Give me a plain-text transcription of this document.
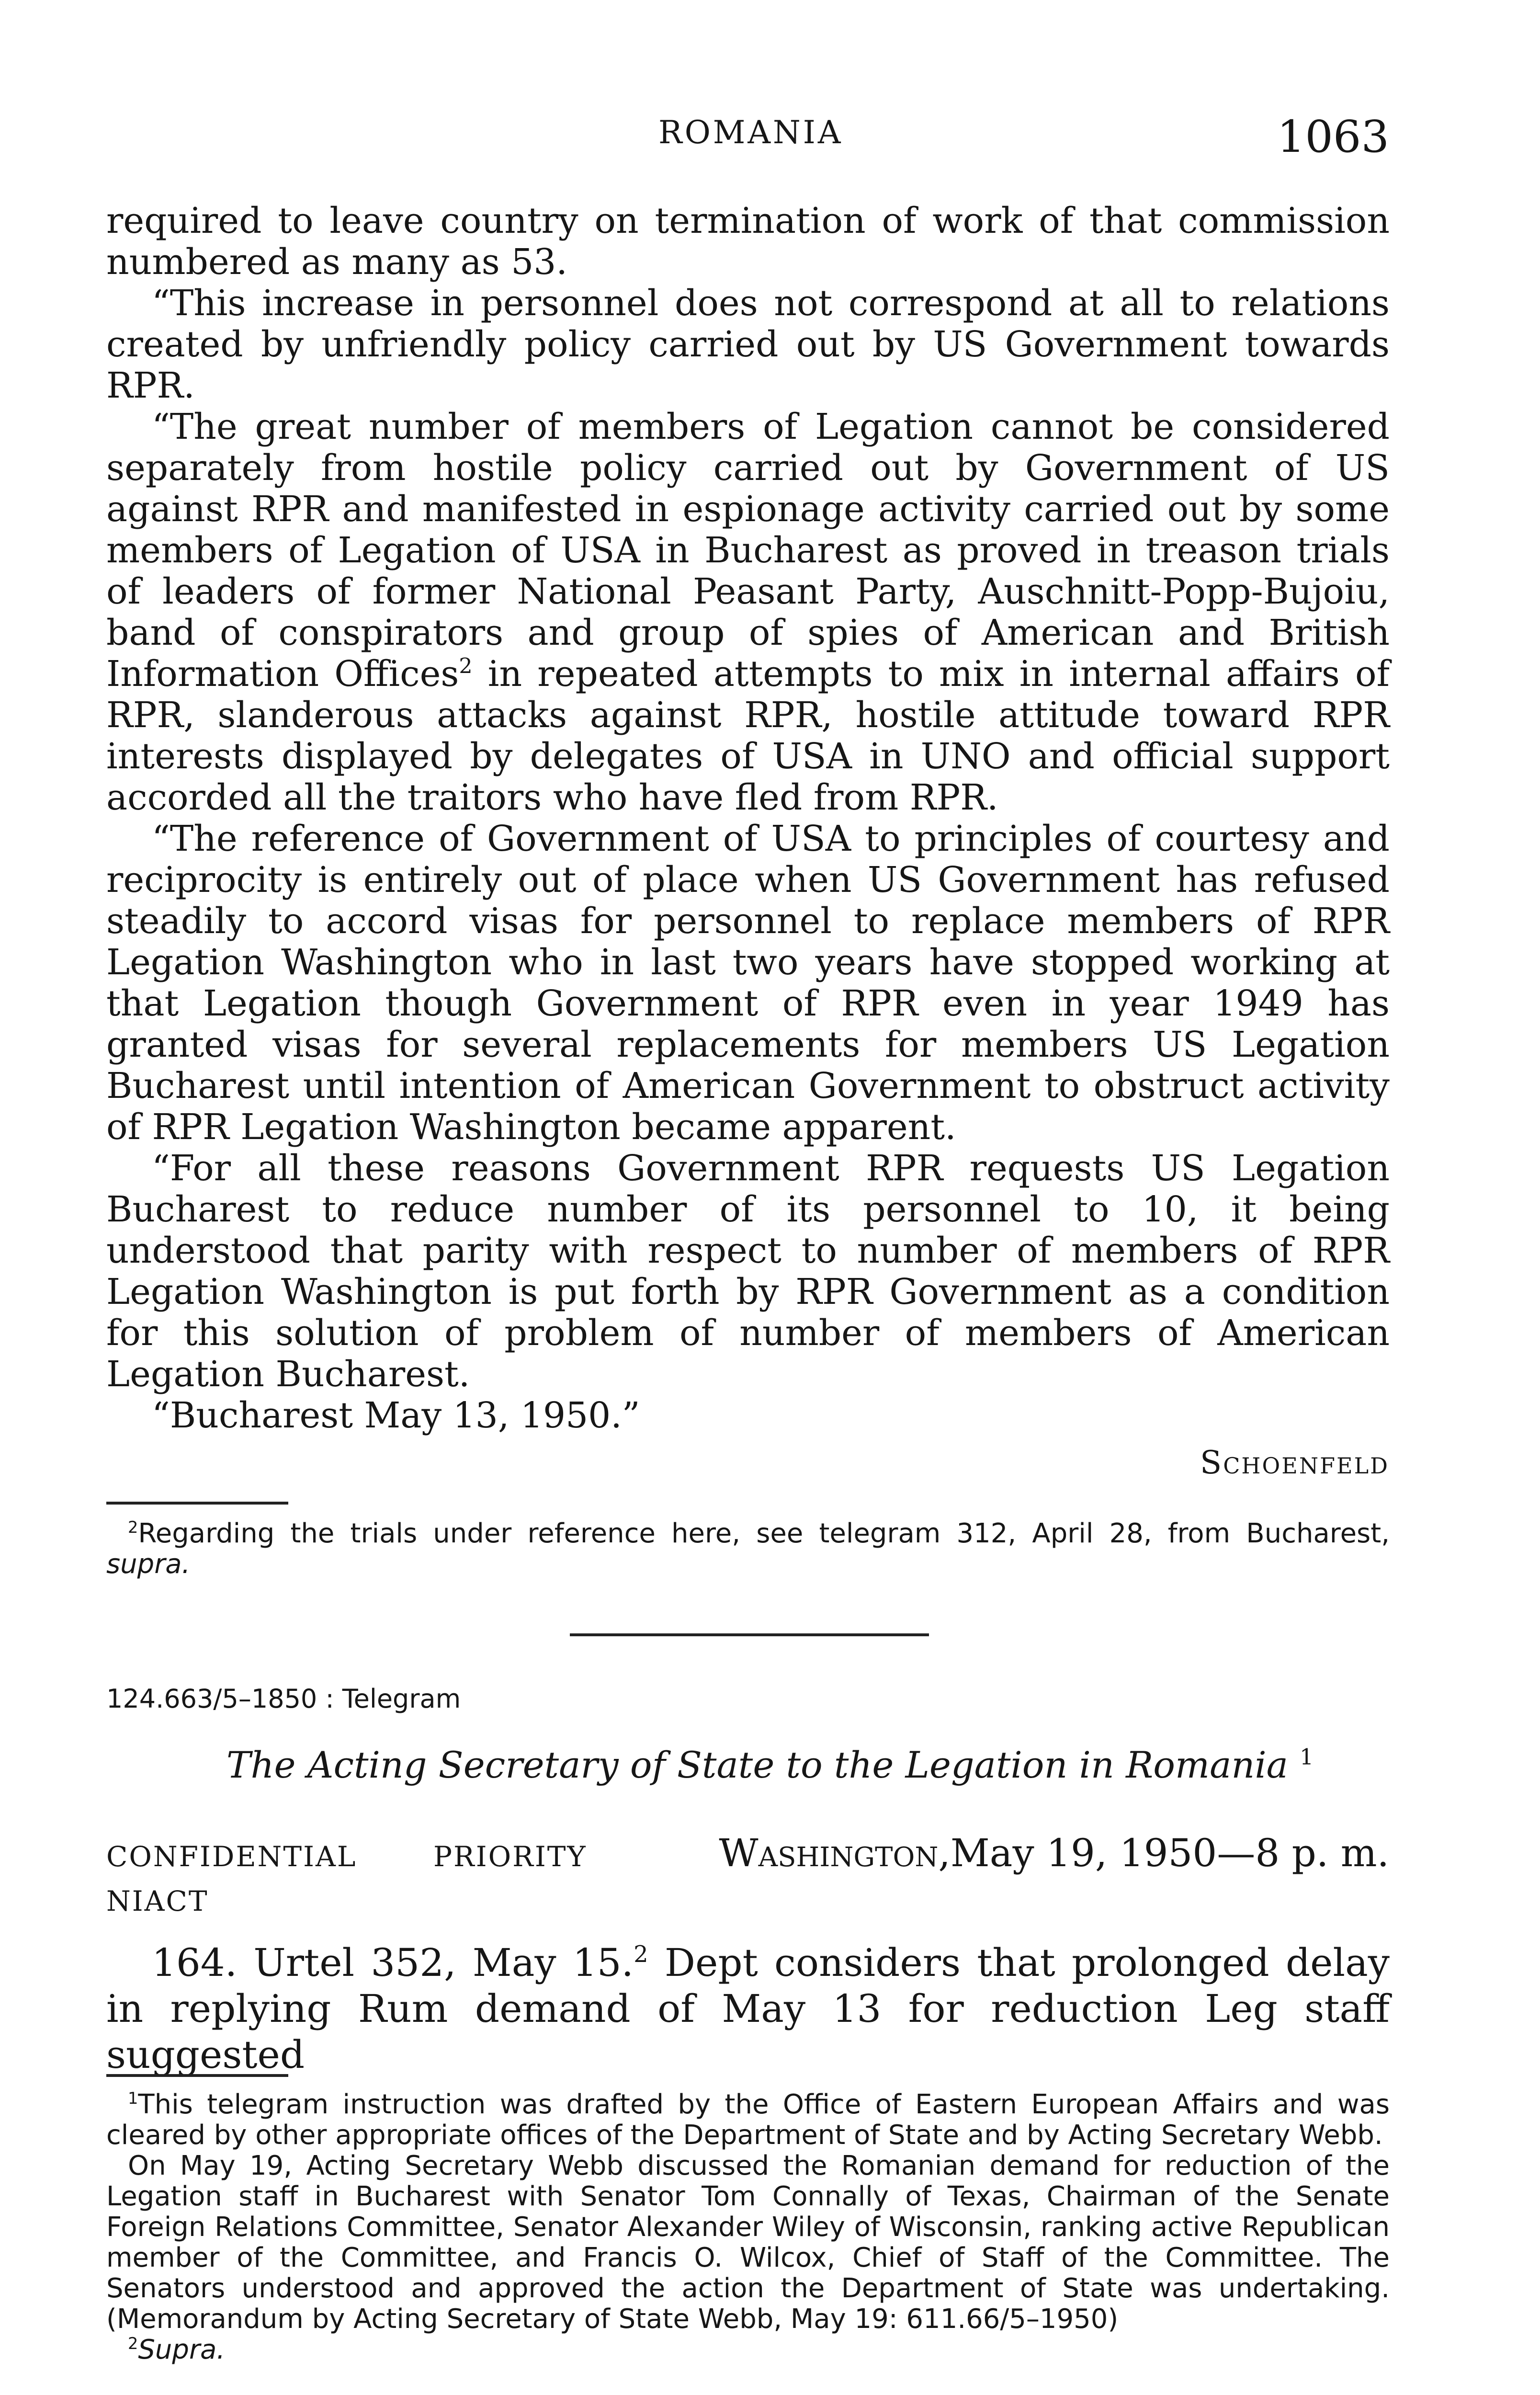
ROMANIA	1063

required to leave country on termination of work of that commission numbered as many as 53.

“This increase in personnel does not correspond at all to relations created by unfriendly policy carried out by US Government towards RPR.

“The great number of members of Legation cannot be considered separately from hostile policy carried out by Government of US against RPR and manifested in espionage activity carried out by some members of Legation of USA in Bucharest as proved in treason trials of leaders of former National Peasant Party, Auschnitt-Popp-Bujoiu, band of conspirators and group of spies of American and British Information Offices$^2$ in repeated attempts to mix in internal affairs of RPR, slanderous attacks against RPR, hostile attitude toward RPR interests displayed by delegates of USA in UNO and official support accorded all the traitors who have fled from RPR.

“The reference of Government of USA to principles of courtesy and reciprocity is entirely out of place when US Government has refused steadily to accord visas for personnel to replace members of RPR Legation Washington who in last two years have stopped working at that Legation though Government of RPR even in year 1949 has granted visas for several replacements for members US Legation Bucharest until intention of American Government to obstruct activity of RPR Legation Washington became apparent.

“For all these reasons Government RPR requests US Legation Bucharest to reduce number of its personnel to 10, it being understood that parity with respect to number of members of RPR Legation Washington is put forth by RPR Government as a condition for this solution of problem of number of members of American Legation Bucharest.

“Bucharest May 13, 1950.”

Schoenfeld

$^2$Regarding the trials under reference here, see telegram 312, April 28, from Bucharest, supra.

124.663/5–1850 : Telegram
The Acting Secretary of State to the Legation in Romania $^1$
CONFIDENTIAL	PRIORITY	Washington,May 19, 1950—8 p. m.
NIACT

164. Urtel 352, May 15.$^2$ Dept considers that prolonged delay in replying Rum demand of May 13 for reduction Leg staff suggested

$^1$This telegram instruction was drafted by the Office of Eastern European Affairs and was cleared by other appropriate offices of the Department of State and by Acting Secretary Webb.

On May 19, Acting Secretary Webb discussed the Romanian demand for reduction of the Legation staff in Bucharest with Senator Tom Connally of Texas, Chairman of the Senate Foreign Relations Committee, Senator Alexander Wiley of Wisconsin, ranking active Republican member of the Committee, and Francis O. Wilcox, Chief of Staff of the Committee. The Senators understood and approved the action the Department of State was undertaking. (Memorandum by Acting Secretary of State Webb, May 19: 611.66/5–1950)

$^2$Supra.
